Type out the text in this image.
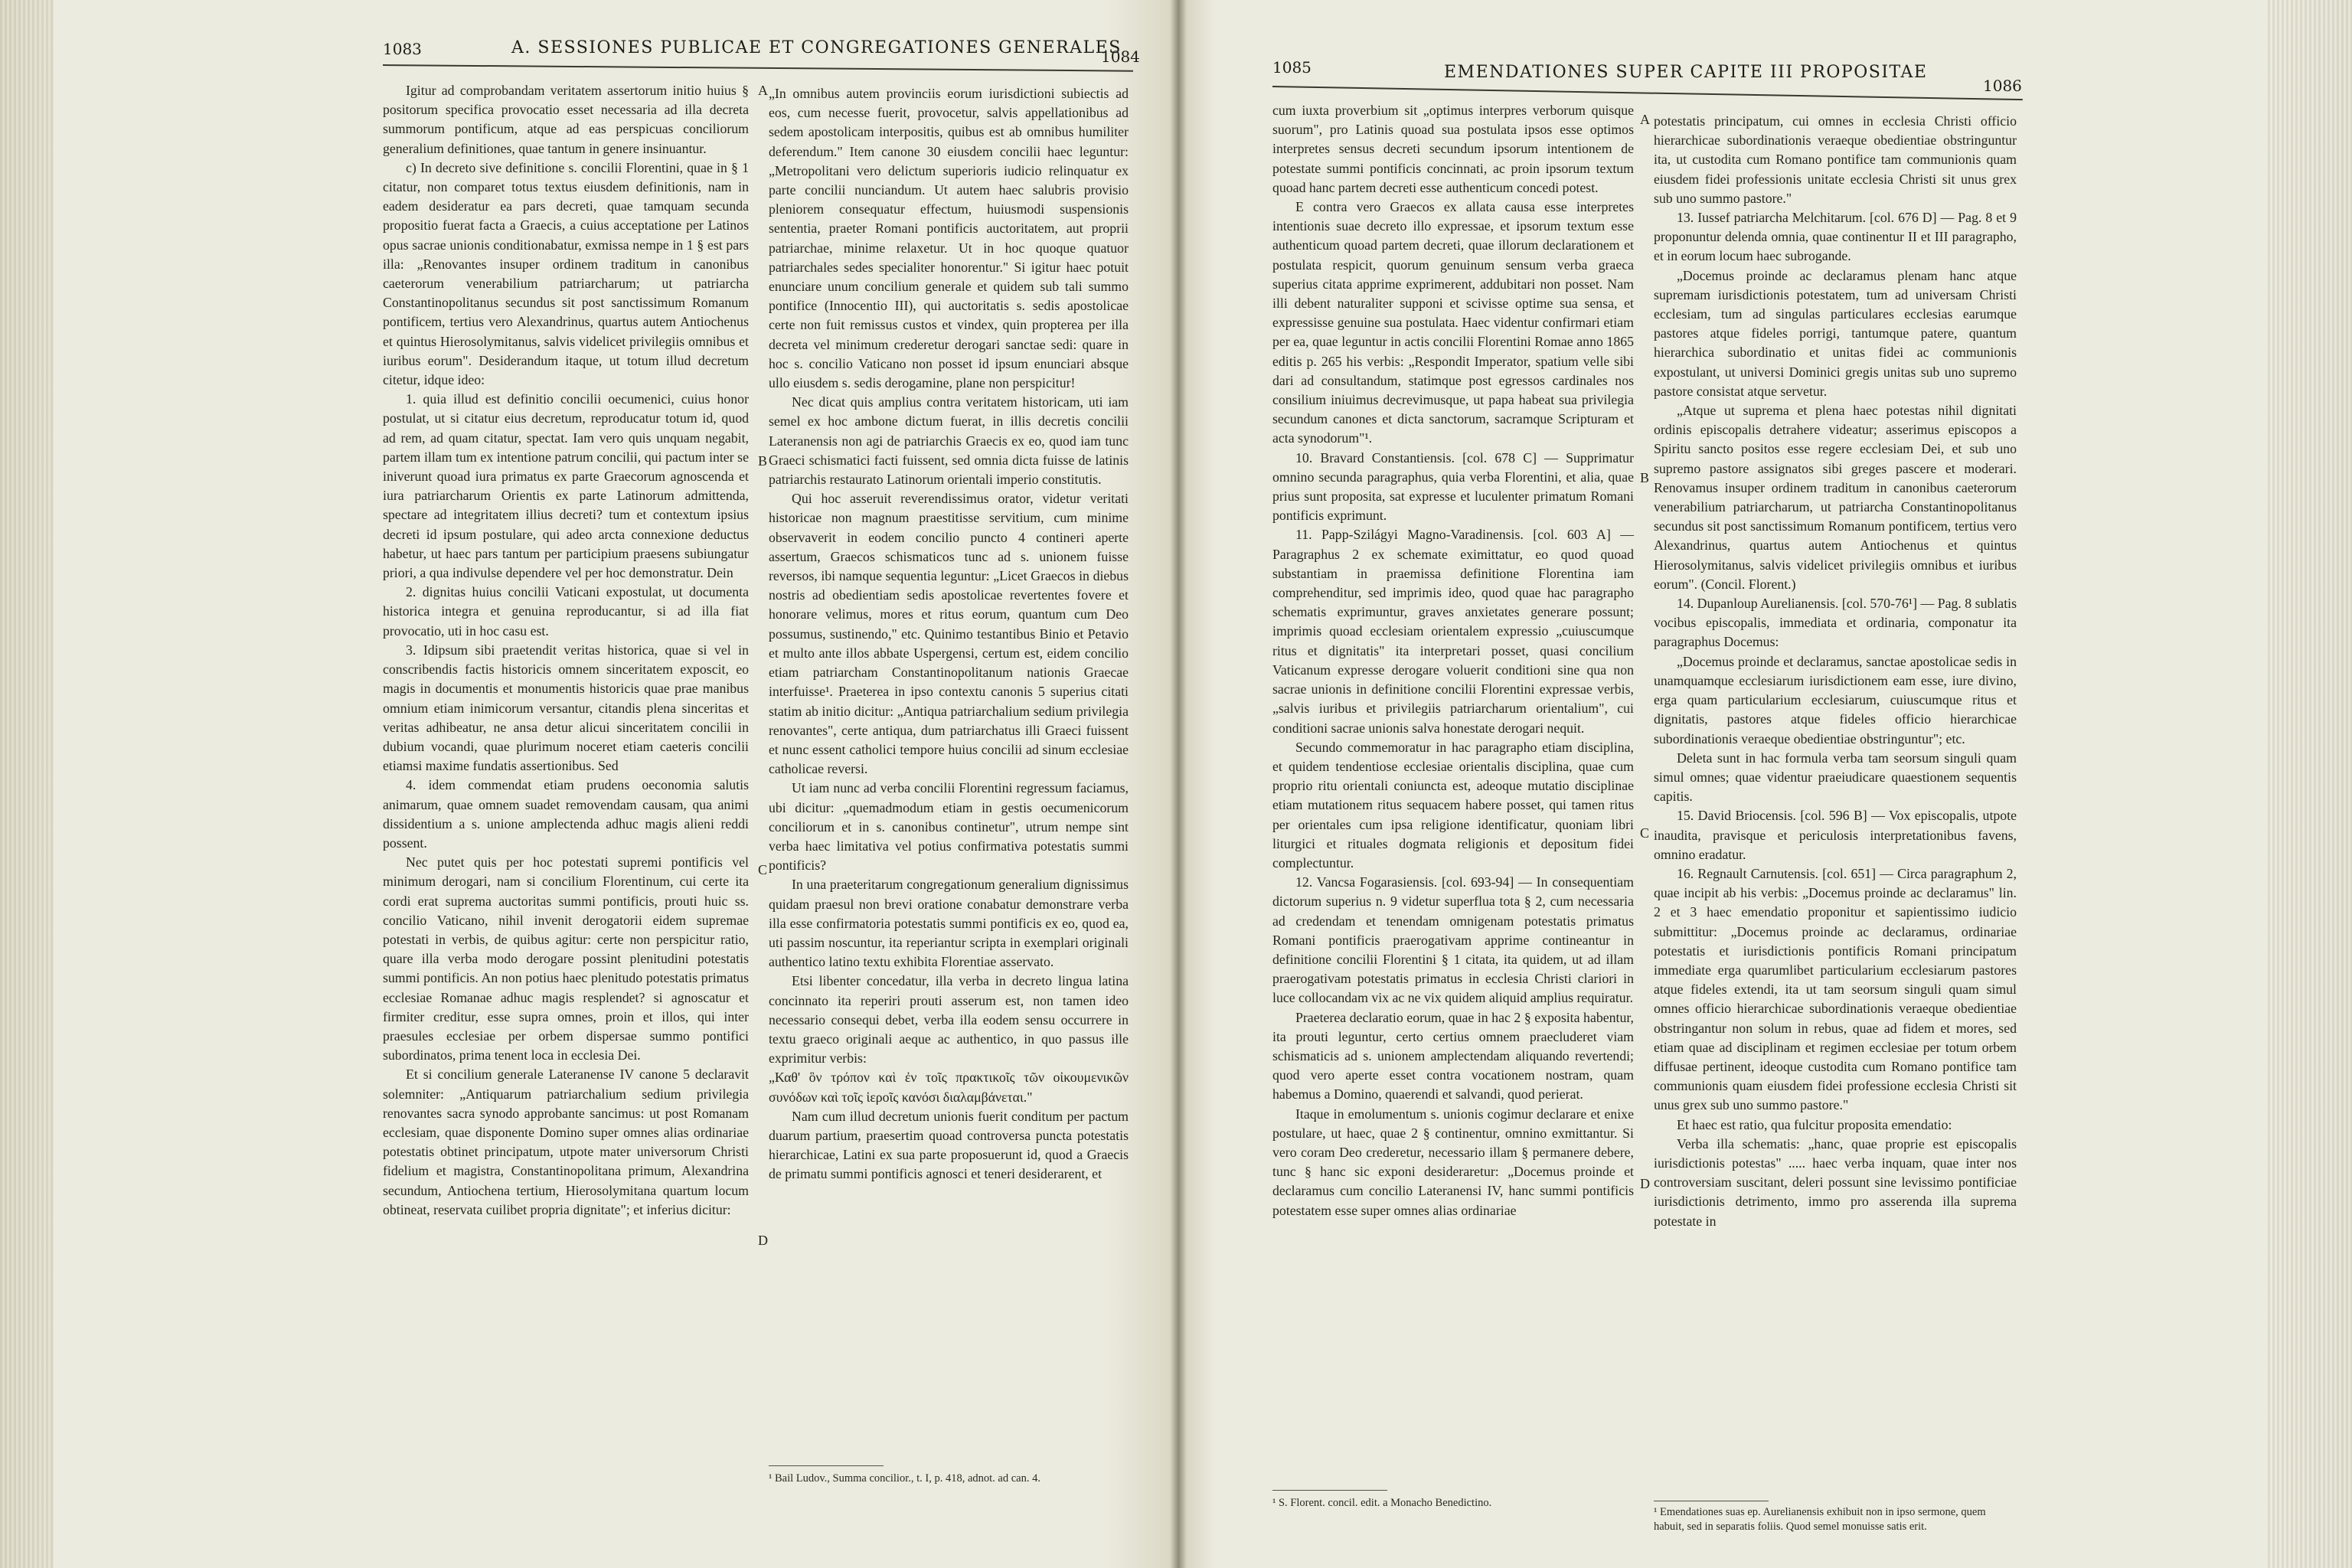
1083	A. SESSIONES PUBLICAE ET CONGREGATIONES GENERALES
1084

Igitur ad comprobandam veritatem assertorum initio huius § positorum specifica provocatio esset necessaria ad illa decreta summorum pontificum, atque ad eas perspicuas conciliorum generalium definitiones, quae tantum in genere insinuantur.

c) In decreto sive definitione s. concilii Florentini, quae in § 1 citatur, non comparet totus textus eiusdem definitionis, nam in eadem desideratur ea pars decreti, quae tamquam secunda propositio fuerat facta a Graecis, a cuius acceptatione per Latinos opus sacrae unionis conditionabatur, exmissa nempe in 1 § est pars illa: „Renovantes insuper ordinem traditum in canonibus caeterorum venerabilium patriarcharum; ut patriarcha Constantinopolitanus secundus sit post sanctissimum Romanum pontificem, tertius vero Alexandrinus, quartus autem Antiochenus et quintus Hierosolymitanus, salvis videlicet privilegiis omnibus et iuribus eorum". Desiderandum itaque, ut totum illud decretum citetur, idque ideo:

1. quia illud est definitio concilii oecumenici, cuius honor postulat, ut si citatur eius decretum, reproducatur totum id, quod ad rem, ad quam citatur, spectat. Iam vero quis unquam negabit, partem illam tum ex intentione patrum concilii, qui pactum inter se iniverunt quoad iura primatus ex parte Graecorum agnoscenda et iura patriarcharum Orientis ex parte Latinorum admittenda, spectare ad integritatem illius decreti? tum et contextum ipsius decreti id ipsum postulare, qui adeo arcta connexione deductus habetur, ut haec pars tantum per participium praesens subiungatur priori, a qua indivulse dependere vel per hoc demonstratur. Dein

2. dignitas huius concilii Vaticani expostulat, ut documenta historica integra et genuina reproducantur, si ad illa fiat provocatio, uti in hoc casu est.

3. Idipsum sibi praetendit veritas historica, quae si vel in conscribendis factis historicis omnem sinceritatem exposcit, eo magis in documentis et monumentis historicis quae prae manibus omnium etiam inimicorum versantur, citandis plena sinceritas et veritas adhibeatur, ne ansa detur alicui sinceritatem concilii in dubium vocandi, quae plurimum noceret etiam caeteris concilii etiamsi maxime fundatis assertionibus. Sed

4. idem commendat etiam prudens oeconomia salutis animarum, quae omnem suadet removendam causam, qua animi dissidentium a s. unione amplectenda adhuc magis alieni reddi possent.

Nec putet quis per hoc potestati supremi pontificis vel minimum derogari, nam si concilium Florentinum, cui certe ita cordi erat suprema auctoritas summi pontificis, prouti huic ss. concilio Vaticano, nihil invenit derogatorii eidem supremae potestati in verbis, de quibus agitur: certe non perspicitur ratio, quare illa verba modo derogare possint plenitudini potestatis summi pontificis. An non potius haec plenitudo potestatis primatus ecclesiae Romanae adhuc magis resplendet? si agnoscatur et firmiter creditur, esse supra omnes, proin et illos, qui inter praesules ecclesiae per orbem dispersae summo pontifici subordinatos, prima tenent loca in ecclesia Dei.

Et si concilium generale Lateranense IV canone 5 declaravit solemniter: „Antiquarum patriarchalium sedium privilegia renovantes sacra synodo approbante sancimus: ut post Romanam ecclesiam, quae disponente Domino super omnes alias ordinariae potestatis obtinet principatum, utpote mater universorum Christi fidelium et magistra, Constantinopolitana primum, Alexandrina secundum, Antiochena tertium, Hierosolymitana quartum locum obtineat, reservata cuilibet propria dignitate"; et inferius dicitur:

A
B
C
D

„In omnibus autem provinciis eorum iurisdictioni subiectis ad eos, cum necesse fuerit, provocetur, salvis appellationibus ad sedem apostolicam interpositis, quibus est ab omnibus humiliter deferendum." Item canone 30 eiusdem concilii haec leguntur: „Metropolitani vero delictum superioris iudicio relinquatur ex parte concilii nunciandum. Ut autem haec salubris provisio pleniorem consequatur effectum, huiusmodi suspensionis sententia, praeter Romani pontificis auctoritatem, aut proprii patriarchae, minime relaxetur. Ut in hoc quoque quatuor patriarchales sedes specialiter honorentur." Si igitur haec potuit enunciare unum concilium generale et quidem sub tali summo pontifice (Innocentio III), qui auctoritatis s. sedis apostolicae certe non fuit remissus custos et vindex, quin propterea per illa decreta vel minimum crederetur derogari sanctae sedi: quare in hoc s. concilio Vaticano non posset id ipsum enunciari absque ullo eiusdem s. sedis derogamine, plane non perspicitur!

Nec dicat quis amplius contra veritatem historicam, uti iam semel ex hoc ambone dictum fuerat, in illis decretis concilii Lateranensis non agi de patriarchis Graecis ex eo, quod iam tunc Graeci schismatici facti fuissent, sed omnia dicta fuisse de latinis patriarchis restaurato Latinorum orientali imperio constitutis.

Qui hoc asseruit reverendissimus orator, videtur veritati historicae non magnum praestitisse servitium, cum minime observaverit in eodem concilio puncto 4 contineri aperte assertum, Graecos schismaticos tunc ad s. unionem fuisse reversos, ibi namque sequentia leguntur: „Licet Graecos in diebus nostris ad obedientiam sedis apostolicae revertentes fovere et honorare velimus, mores et ritus eorum, quantum cum Deo possumus, sustinendo," etc. Quinimo testantibus Binio et Petavio et multo ante illos abbate Uspergensi, certum est, eidem concilio etiam patriarcham Constantinopolitanum nationis Graecae interfuisse¹. Praeterea in ipso contextu canonis 5 superius citati statim ab initio dicitur: „Antiqua patriarchalium sedium privilegia renovantes", certe antiqua, dum patriarchatus illi Graeci fuissent et nunc essent catholici tempore huius concilii ad sinum ecclesiae catholicae reversi.

Ut iam nunc ad verba concilii Florentini regressum faciamus, ubi dicitur: „quemadmodum etiam in gestis oecumenicorum conciliorum et in s. canonibus continetur", utrum nempe sint verba haec limitativa vel potius confirmativa potestatis summi pontificis?

In una praeteritarum congregationum generalium dignissimus quidam praesul non brevi oratione conabatur demonstrare verba illa esse confirmatoria potestatis summi pontificis ex eo, quod ea, uti passim noscuntur, ita reperiantur scripta in exemplari originali authentico latino textu exhibita Florentiae asservato.

Etsi libenter concedatur, illa verba in decreto lingua latina concinnato ita reperiri prouti asserum est, non tamen ideo necessario consequi debet, verba illa eodem sensu occurrere in textu graeco originali aeque ac authentico, in quo passus ille exprimitur verbis:

„Καθ' ὃν τρόπον καὶ ἐν τοῖς πρακτικοῖς τῶν οἰκουμενικῶν συνόδων καὶ τοῖς ἱεροῖς κανόσι διαλαμβάνεται."

Nam cum illud decretum unionis fuerit conditum per pactum duarum partium, praesertim quoad controversa puncta potestatis hierarchicae, Latini ex sua parte proposuerunt id, quod a Graecis de primatu summi pontificis agnosci et teneri desiderarent, et

¹ Bail Ludov., Summa concilior., t. I, p. 418, adnot. ad can. 4.
1085	EMENDATIONES SUPER CAPITE III PROPOSITAE
1086

cum iuxta proverbium sit „optimus interpres verborum quisque suorum", pro Latinis quoad sua postulata ipsos esse optimos interpretes sensus decreti secundum ipsorum intentionem de potestate summi pontificis concinnati, ac proin ipsorum textum quoad hanc partem decreti esse authenticum concedi potest.

E contra vero Graecos ex allata causa esse interpretes intentionis suae decreto illo expressae, et ipsorum textum esse authenticum quoad partem decreti, quae illorum declarationem et postulata respicit, quorum genuinum sensum verba graeca superius citata apprime exprimerent, addubitari non posset. Nam illi debent naturaliter supponi et scivisse optime sua sensa, et expressisse genuine sua postulata. Haec videntur confirmari etiam per ea, quae leguntur in actis concilii Florentini Romae anno 1865 editis p. 265 his verbis: „Respondit Imperator, spatium velle sibi dari ad consultandum, statimque post egressos cardinales nos consilium iniuimus decrevimusque, ut papa habeat sua privilegia secundum canones et dicta sanctorum, sacramque Scripturam et acta synodorum"¹.

10. Bravard Constantiensis. [col. 678 C] — Supprimatur omnino secunda paragraphus, quia verba Florentini, et alia, quae prius sunt proposita, sat expresse et luculenter primatum Romani pontificis exprimunt.

11. Papp-Szilágyi Magno-Varadinensis. [col. 603 A] — Paragraphus 2 ex schemate eximittatur, eo quod quoad substantiam in praemissa definitione Florentina iam comprehenditur, sed imprimis ideo, quod quae hac paragrapho schematis exprimuntur, graves anxietates generare possunt; imprimis quoad ecclesiam orientalem expressio „cuiuscumque ritus et dignitatis" ita interpretari posset, quasi concilium Vaticanum expresse derogare voluerit conditioni sine qua non sacrae unionis in definitione concilii Florentini expressae verbis, „salvis iuribus et privilegiis patriarcharum orientalium", cui conditioni sacrae unionis salva honestate derogari nequit.

Secundo commemoratur in hac paragrapho etiam disciplina, et quidem tendentiose ecclesiae orientalis disciplina, quae cum proprio ritu orientali coniuncta est, adeoque mutatio disciplinae etiam mutationem ritus sequacem habere posset, qui tamen ritus per orientales cum ipsa religione identificatur, quoniam libri liturgici et rituales dogmata religionis et depositum fidei complectuntur.

12. Vancsa Fogarasiensis. [col. 693-94] — In consequentiam dictorum superius n. 9 videtur superflua tota § 2, cum necessaria ad credendam et tenendam omnigenam potestatis primatus Romani pontificis praerogativam apprime contineantur in definitione concilii Florentini § 1 citata, ita quidem, ut ad illam praerogativam potestatis primatus in ecclesia Christi clariori in luce collocandam vix ac ne vix quidem aliquid amplius requiratur.

Praeterea declaratio eorum, quae in hac 2 § exposita habentur, ita prouti leguntur, certo certius omnem praecluderet viam schismaticis ad s. unionem amplectendam aliquando revertendi; quod vero aperte esset contra vocationem nostram, quam habemus a Domino, quaerendi et salvandi, quod perierat.

Itaque in emolumentum s. unionis cogimur declarare et enixe postulare, ut haec, quae 2 § continentur, omnino exmittantur. Si vero coram Deo crederetur, necessario illam § permanere debere, tunc § hanc sic exponi desideraretur: „Docemus proinde et declaramus cum concilio Lateranensi IV, hanc summi pontificis potestatem esse super omnes alias ordinariae

A
B
C
D

potestatis principatum, cui omnes in ecclesia Christi officio hierarchicae subordinationis veraeque obedientiae obstringuntur ita, ut custodita cum Romano pontifice tam communionis quam eiusdem fidei professionis unitate ecclesia Christi sit unus grex sub uno summo pastore."

13. Iussef patriarcha Melchitarum. [col. 676 D] — Pag. 8 et 9 proponuntur delenda omnia, quae continentur II et III paragrapho, et in eorum locum haec subrogande.

„Docemus proinde ac declaramus plenam hanc atque supremam iurisdictionis potestatem, tum ad universam Christi ecclesiam, tum ad singulas particulares ecclesias earumque pastores atque fideles porrigi, tantumque patere, quantum hierarchica subordinatio et unitas fidei ac communionis expostulant, ut universi Dominici gregis unitas sub uno supremo pastore consistat atque servetur.

„Atque ut suprema et plena haec potestas nihil dignitati ordinis episcopalis detrahere videatur; asserimus episcopos a Spiritu sancto positos esse regere ecclesiam Dei, et sub uno supremo pastore assignatos sibi greges pascere et moderari. Renovamus insuper ordinem traditum in canonibus caeterorum venerabilium patriarcharum, ut patriarcha Constantinopolitanus secundus sit post sanctissimum Romanum pontificem, tertius vero Alexandrinus, quartus autem Antiochenus et quintus Hierosolymitanus, salvis videlicet privilegiis omnibus et iuribus eorum". (Concil. Florent.)

14. Dupanloup Aurelianensis. [col. 570-76¹] — Pag. 8 sublatis vocibus episcopalis, immediata et ordinaria, componatur ita paragraphus Docemus:

„Docemus proinde et declaramus, sanctae apostolicae sedis in unamquamque ecclesiarum iurisdictionem eam esse, iure divino, erga quam particularium ecclesiarum, cuiuscumque ritus et dignitatis, pastores atque fideles officio hierarchicae subordinationis veraeque obedientiae obstringuntur"; etc.

Deleta sunt in hac formula verba tam seorsum singuli quam simul omnes; quae videntur praeiudicare quaestionem sequentis capitis.

15. David Briocensis. [col. 596 B] — Vox episcopalis, utpote inaudita, pravisque et periculosis interpretationibus favens, omnino eradatur.

16. Regnault Carnutensis. [col. 651] — Circa paragraphum 2, quae incipit ab his verbis: „Docemus proinde ac declaramus" lin. 2 et 3 haec emendatio proponitur et sapientissimo iudicio submittitur: „Docemus proinde ac declaramus, ordinariae potestatis et iurisdictionis pontificis Romani principatum immediate erga quarumlibet particularium ecclesiarum pastores atque fideles extendi, ita ut tam seorsum singuli quam simul omnes officio hierarchicae subordinationis veraeque obedientiae obstringantur non solum in rebus, quae ad fidem et mores, sed etiam quae ad disciplinam et regimen ecclesiae per totum orbem diffusae pertinent, ideoque custodita cum Romano pontifice tam communionis quam eiusdem fidei professione ecclesia Christi sit unus grex sub uno summo pastore."

Et haec est ratio, qua fulcitur proposita emendatio:

Verba illa schematis: „hanc, quae proprie est episcopalis iurisdictionis potestas" ..... haec verba inquam, quae inter nos controversiam suscitant, deleri possunt sine levissimo pontificiae iurisdictionis detrimento, immo pro asserenda illa suprema potestate in

¹ S. Florent. concil. edit. a Monacho Benedictino.
¹ Emendationes suas ep. Aurelianensis exhibuit non in ipso sermone, quem habuit, sed in separatis foliis. Quod semel monuisse satis erit.
